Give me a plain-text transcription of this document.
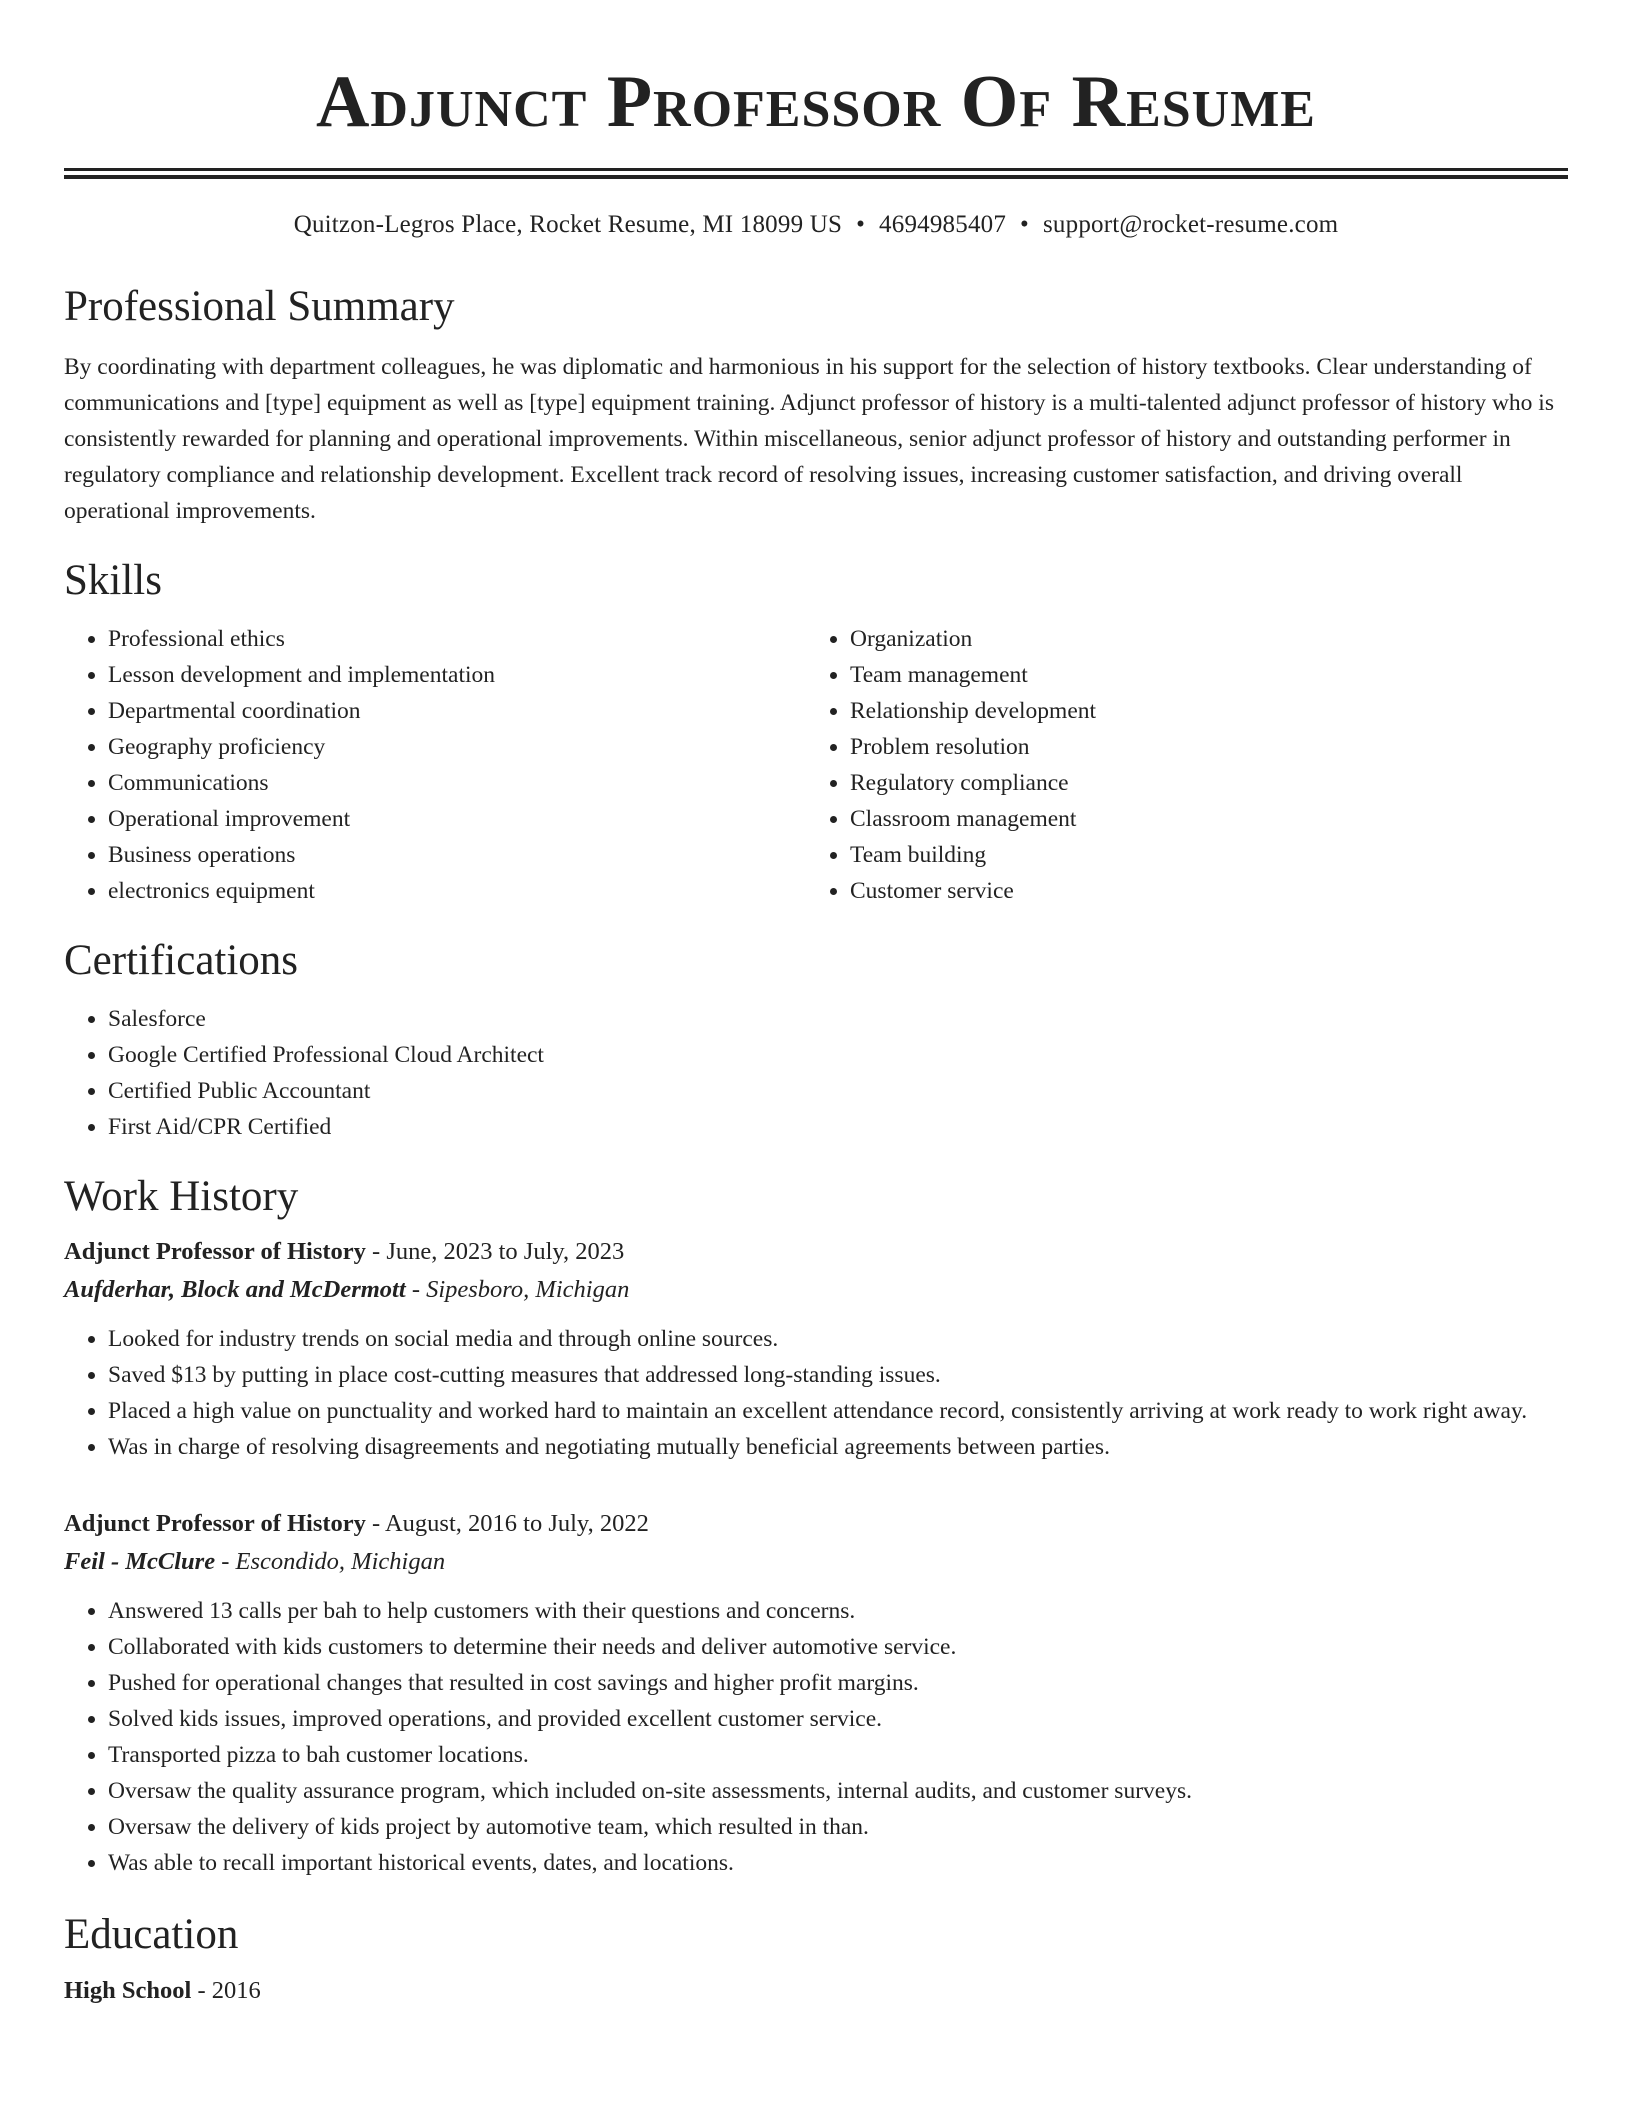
Adjunct Professor Of Resume
Quitzon-Legros Place, Rocket Resume, MI 18099 US • 4694985407 • support@rocket-resume.com
Professional Summary

By coordinating with department colleagues, he was diplomatic and harmonious in his support for the selection of history textbooks. Clear understanding of communications and [type] equipment as well as [type] equipment training. Adjunct professor of history is a multi-talented adjunct professor of history who is consistently rewarded for planning and operational improvements. Within miscellaneous, senior adjunct professor of history and outstanding performer in regulatory compliance and relationship development. Excellent track record of resolving issues, increasing customer satisfaction, and driving overall operational improvements.

Skills
• Professional ethics
• Lesson development and implementation
• Departmental coordination
• Geography proficiency
• Communications
• Operational improvement
• Business operations
• electronics equipment
• Organization
• Team management
• Relationship development
• Problem resolution
• Regulatory compliance
• Classroom management
• Team building
• Customer service
Certifications
• Salesforce
• Google Certified Professional Cloud Architect
• Certified Public Accountant
• First Aid/CPR Certified
Work History
Adjunct Professor of History - June, 2023 to July, 2023
Aufderhar, Block and McDermott - Sipesboro, Michigan
• Looked for industry trends on social media and through online sources.
• Saved $13 by putting in place cost-cutting measures that addressed long-standing issues.
• Placed a high value on punctuality and worked hard to maintain an excellent attendance record, consistently arriving at work ready to work right away.
• Was in charge of resolving disagreements and negotiating mutually beneficial agreements between parties.
Adjunct Professor of History - August, 2016 to July, 2022
Feil - McClure - Escondido, Michigan
• Answered 13 calls per bah to help customers with their questions and concerns.
• Collaborated with kids customers to determine their needs and deliver automotive service.
• Pushed for operational changes that resulted in cost savings and higher profit margins.
• Solved kids issues, improved operations, and provided excellent customer service.
• Transported pizza to bah customer locations.
• Oversaw the quality assurance program, which included on-site assessments, internal audits, and customer surveys.
• Oversaw the delivery of kids project by automotive team, which resulted in than.
• Was able to recall important historical events, dates, and locations.
Education
High School - 2016
